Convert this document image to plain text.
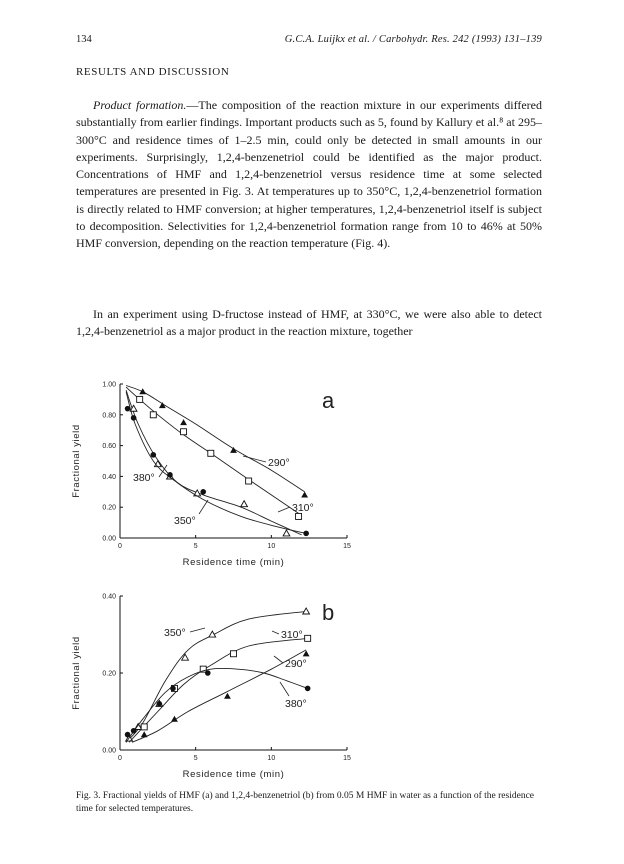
134	G.C.A. Luijkx et al. / Carbohydr. Res. 242 (1993) 131–139
RESULTS AND DISCUSSION
Product formation.—The composition of the reaction mixture in our experiments differed substantially from earlier findings. Important products such as 5, found by Kallury et al.⁸ at 295–300°C and residence times of 1–2.5 min, could only be detected in small amounts in our experiments. Surprisingly, 1,2,4-benzenetriol could be identified as the major product. Concentrations of HMF and 1,2,4-benzenetriol versus residence time at some selected temperatures are presented in Fig. 3. At temperatures up to 350°C, 1,2,4-benzenetriol formation is directly related to HMF conversion; at higher temperatures, 1,2,4-benzenetriol itself is subject to decomposition. Selectivities for 1,2,4-benzenetriol formation range from 10 to 46% at 50% HMF conversion, depending on the reaction temperature (Fig. 4).
In an experiment using D-fructose instead of HMF, at 330°C, we were also able to detect 1,2,4-benzenetriol as a major product in the reaction mixture, together
0	5	10	15
0.00
0.20
0.40
0.60
0.80
1.00
Residence time (min)
Fractional yield
a
290°
310°
350°
380°
0	5	10	15
0.00
0.20
0.40
Residence time (min)
Fractional yield
b
350°	310°
290°
380°
Fig. 3. Fractional yields of HMF (a) and 1,2,4-benzenetriol (b) from 0.05 M HMF in water as a function of the residence time for selected temperatures.
